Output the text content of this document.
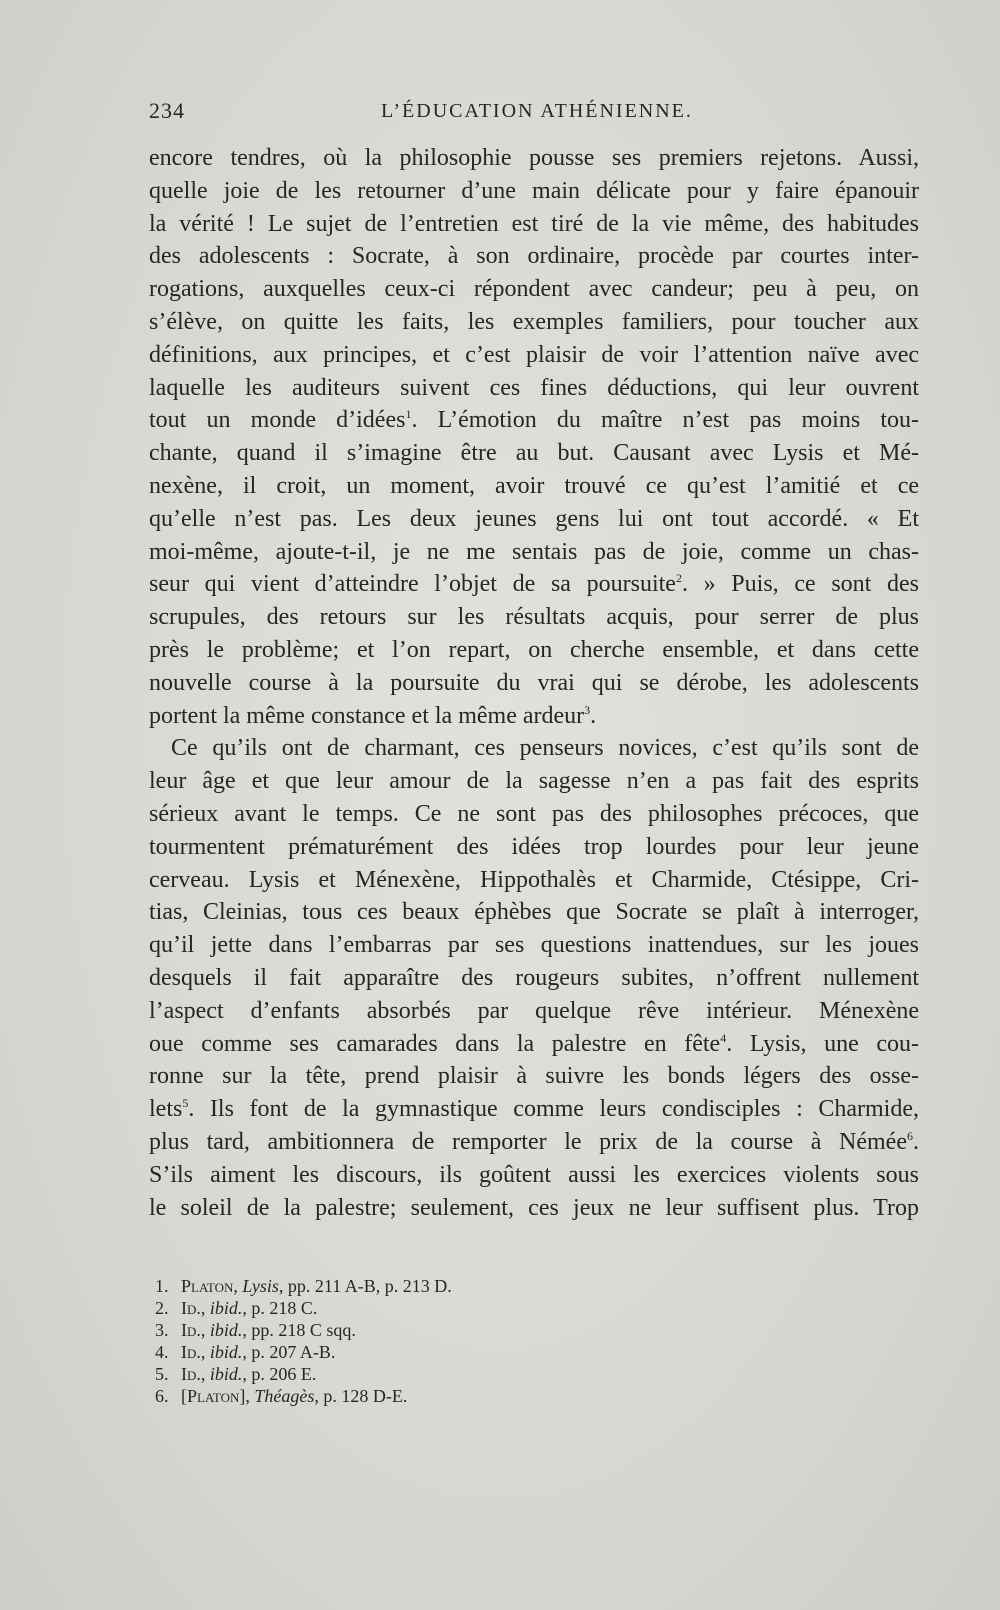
234	L’ÉDUCATION ATHÉNIENNE.

encore tendres, où la philosophie pousse ses premiers rejetons. Aussi,

quelle joie de les retourner d’une main délicate pour y faire épanouir

la vérité ! Le sujet de l’entretien est tiré de la vie même, des habitudes

des adolescents : Socrate, à son ordinaire, procède par courtes inter-

rogations, auxquelles ceux-ci répondent avec candeur; peu à peu, on

s’élève, on quitte les faits, les exemples familiers, pour toucher aux

définitions, aux principes, et c’est plaisir de voir l’attention naïve avec

laquelle les auditeurs suivent ces fines déductions, qui leur ouvrent

tout un monde d’idées$^1$. L’émotion du maître n’est pas moins tou-

chante, quand il s’imagine être au but. Causant avec Lysis et Mé-

nexène, il croit, un moment, avoir trouvé ce qu’est l’amitié et ce

qu’elle n’est pas. Les deux jeunes gens lui ont tout accordé. « Et

moi-même, ajoute-t-il, je ne me sentais pas de joie, comme un chas-

seur qui vient d’atteindre l’objet de sa poursuite$^2$. » Puis, ce sont des

scrupules, des retours sur les résultats acquis, pour serrer de plus

près le problème; et l’on repart, on cherche ensemble, et dans cette

nouvelle course à la poursuite du vrai qui se dérobe, les adolescents

portent la même constance et la même ardeur$^3$.

Ce qu’ils ont de charmant, ces penseurs novices, c’est qu’ils sont de

leur âge et que leur amour de la sagesse n’en a pas fait des esprits

sérieux avant le temps. Ce ne sont pas des philosophes précoces, que

tourmentent prématurément des idées trop lourdes pour leur jeune

cerveau. Lysis et Ménexène, Hippothalès et Charmide, Ctésippe, Cri-

tias, Cleinias, tous ces beaux éphèbes que Socrate se plaît à interroger,

qu’il jette dans l’embarras par ses questions inattendues, sur les joues

desquels il fait apparaître des rougeurs subites, n’offrent nullement

l’aspect d’enfants absorbés par quelque rêve intérieur. Ménexène

oue comme ses camarades dans la palestre en fête$^4$. Lysis, une cou-

ronne sur la tête, prend plaisir à suivre les bonds légers des osse-

lets$^5$. Ils font de la gymnastique comme leurs condisciples : Charmide,

plus tard, ambitionnera de remporter le prix de la course à Némée$^6$.

S’ils aiment les discours, ils goûtent aussi les exercices violents sous

le soleil de la palestre; seulement, ces jeux ne leur suffisent plus. Trop

1. Platon, Lysis, pp. 211 A-B, p. 213 D.
2. Id., ibid., p. 218 C.
3. Id., ibid., pp. 218 C sqq.
4. Id., ibid., p. 207 A-B.
5. Id., ibid., p. 206 E.
6. [Platon], Théagès, p. 128 D-E.
